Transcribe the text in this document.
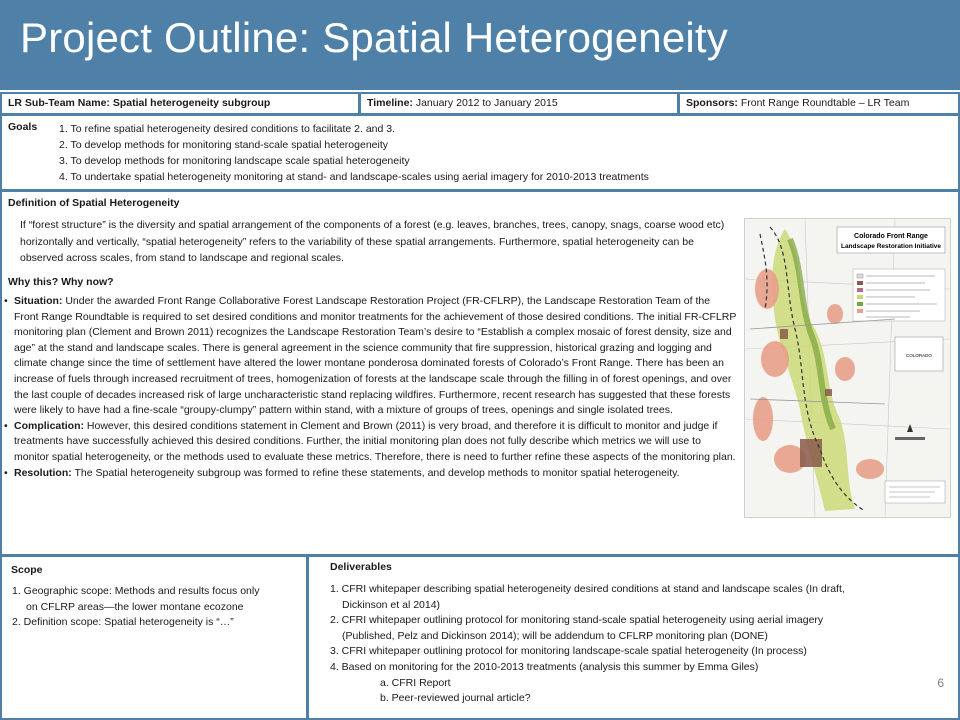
Project Outline: Spatial Heterogeneity
LR Sub-Team Name: Spatial heterogeneity subgroup	Timeline: January 2012 to January 2015	Sponsors: Front Range Roundtable – LR Team
Goals 1. To refine spatial heterogeneity desired conditions to facilitate 2. and 3.
2. To develop methods for monitoring stand-scale spatial heterogeneity
3. To develop methods for monitoring landscape scale spatial heterogeneity
4. To undertake spatial heterogeneity monitoring at stand- and landscape-scales using aerial imagery for 2010-2013 treatments
Definition of Spatial Heterogeneity
If “forest structure” is the diversity and spatial arrangement of the components of a forest (e.g. leaves, branches, trees, canopy, snags, coarse wood etc) horizontally and vertically, “spatial heterogeneity” refers to the variability of these spatial arrangements. Furthermore, spatial heterogeneity can be observed across scales, from stand to landscape and regional scales.
Why this? Why now?
• Situation: Under the awarded Front Range Collaborative Forest Landscape Restoration Project (FR-CFLRP), the Landscape Restoration Team of the Front Range Roundtable is required to set desired conditions and monitor treatments for the achievement of those desired conditions. The initial FR-CFLRP monitoring plan (Clement and Brown 2011) recognizes the Landscape Restoration Team’s desire to “Establish a complex mosaic of forest density, size and age” at the stand and landscape scales. There is general agreement in the science community that fire suppression, historical grazing and logging and climate change since the time of settlement have altered the lower montane ponderosa dominated forests of Colorado’s Front Range. There has been an increase of fuels through increased recruitment of trees, homogenization of forests at the landscape scale through the filling in of forest openings, and over the last couple of decades increased risk of large uncharacteristic stand replacing wildfires. Furthermore, recent research has suggested that these forests were likely to have had a fine-scale “groupy-clumpy” pattern within stand, with a mixture of groups of trees, openings and single isolated trees.
• Complication: However, this desired conditions statement in Clement and Brown (2011) is very broad, and therefore it is difficult to monitor and judge if treatments have successfully achieved this desired conditions. Further, the initial monitoring plan does not fully describe which metrics we will use to monitor spatial heterogeneity, or the methods used to evaluate these metrics. Therefore, there is need to further refine these aspects of the monitoring plan.
• Resolution: The Spatial heterogeneity subgroup was formed to refine these statements, and develop methods to monitor spatial heterogeneity.
Colorado Front Range
Landscape Restoration Initiative
COLORADO
Scope
1. Geographic scope: Methods and results focus only
on CFLRP areas—the lower montane ecozone
2. Definition scope: Spatial heterogeneity is “…”
Deliverables
1. CFRI whitepaper describing spatial heterogeneity desired conditions at stand and landscape scales (In draft,
Dickinson et al 2014)
2. CFRI whitepaper outlining protocol for monitoring stand-scale spatial heterogeneity using aerial imagery
(Published, Pelz and Dickinson 2014); will be addendum to CFLRP monitoring plan (DONE)
3. CFRI whitepaper outlining protocol for monitoring landscape-scale spatial heterogeneity (In process)
4. Based on monitoring for the 2010-2013 treatments (analysis this summer by Emma Giles)
a. CFRI Report
b. Peer-reviewed journal article?
6
